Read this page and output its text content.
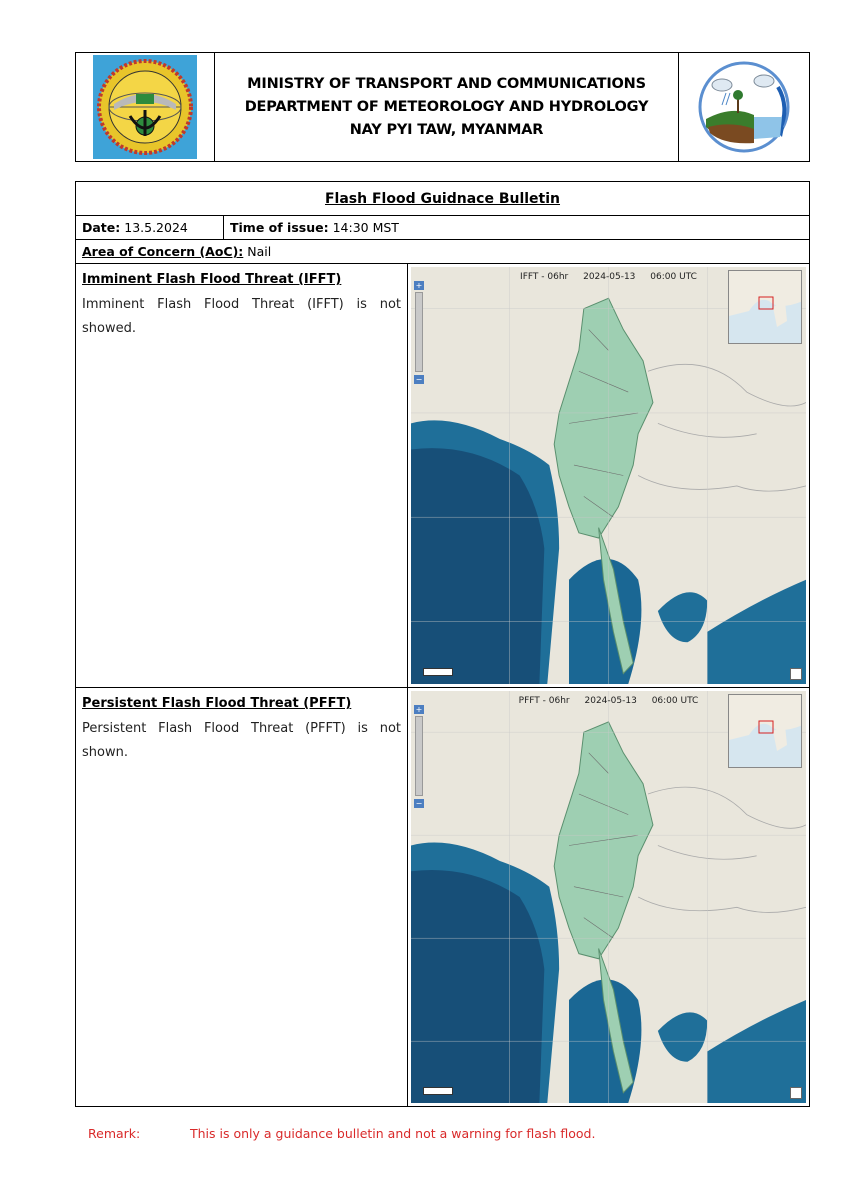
MINISTRY OF TRANSPORT AND COMMUNICATIONS
DEPARTMENT OF METEOROLOGY AND HYDROLOGY
NAY PYI TAW, MYANMAR
Flash Flood Guidnace Bulletin
Date: 13.5.2024	Time of issue: 14:30 MST
Area of Concern (AoC): Nail
Imminent Flash Flood Threat (IFFT)

Imminent Flash Flood Threat (IFFT) is not showed.

IFFT - 06hr 2024-05-13 06:00 UTC
+
−
Persistent Flash Flood Threat (PFFT)

Persistent Flash Flood Threat (PFFT) is not shown.

PFFT - 06hr 2024-05-13 06:00 UTC
+
−
Remark:	This is only a guidance bulletin and not a warning for flash flood.
